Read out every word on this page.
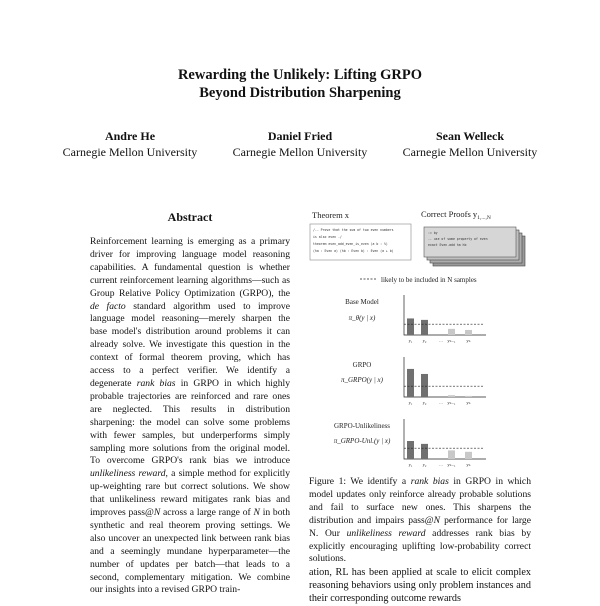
Rewarding the Unlikely: Lifting GRPO
Beyond Distribution Sharpening
Andre He
Carnegie Mellon University
Daniel Fried
Carnegie Mellon University
Sean Welleck
Carnegie Mellon University
Abstract
Reinforcement learning is emerging as a primary driver for improving language model reasoning capabilities. A fundamental question is whether current reinforcement learning algorithms—such as Group Relative Policy Optimization (GRPO), the de facto standard algorithm used to improve language model reasoning—merely sharpen the base model's distribution around problems it can already solve. We investigate this question in the context of formal theorem proving, which has access to a perfect verifier. We identify a degenerate rank bias in GRPO in which highly probable trajectories are reinforced and rare ones are neglected. This results in distribution sharpening: the model can solve some problems with fewer samples, but underperforms simply sampling more solutions from the original model. To overcome GRPO's rank bias we introduce unlikeliness reward, a simple method for explicitly up-weighting rare but correct solutions. We show that unlikeliness reward mitigates rank bias and improves pass@N across a large range of N in both synthetic and real theorem proving settings. We also uncover an unexpected link between rank bias and a seemingly mundane hyperparameter—the number of updates per batch—that leads to a second, complementary mitigation. We combine our insights into a revised GRPO train-
Theorem x	Correct Proofs $y_{1,...,N}$
/-- Prove that the sum of two even numbers
is also even -/
theorem even_add_even_is_even (a b : ℕ)
(ha : Even a) (hb : Even b) : Even (a + b)
:= by
-- use of some property of even
exact Even.add ha hb
likely to be included in N samples
Base Model
π_θ(y | x)
GRPO
π_GRPO(y | x)
GRPO-Unlikeliness
π_GRPO-Unl.(y | x)
y₁ y₂	… yₙ₋₁ yₙ
y₁ y₂	… yₙ₋₁ yₙ
y₁ y₂	… yₙ₋₁ yₙ
Figure 1: We identify a rank bias in GRPO in which model updates only reinforce already probable solutions and fail to surface new ones. This sharpens the distribution and impairs pass@N performance for large N. Our unlikeliness reward addresses rank bias by explicitly encouraging uplifting low-probability correct solutions.
ation, RL has been applied at scale to elicit complex reasoning behaviors using only problem instances and their corresponding outcome rewards
